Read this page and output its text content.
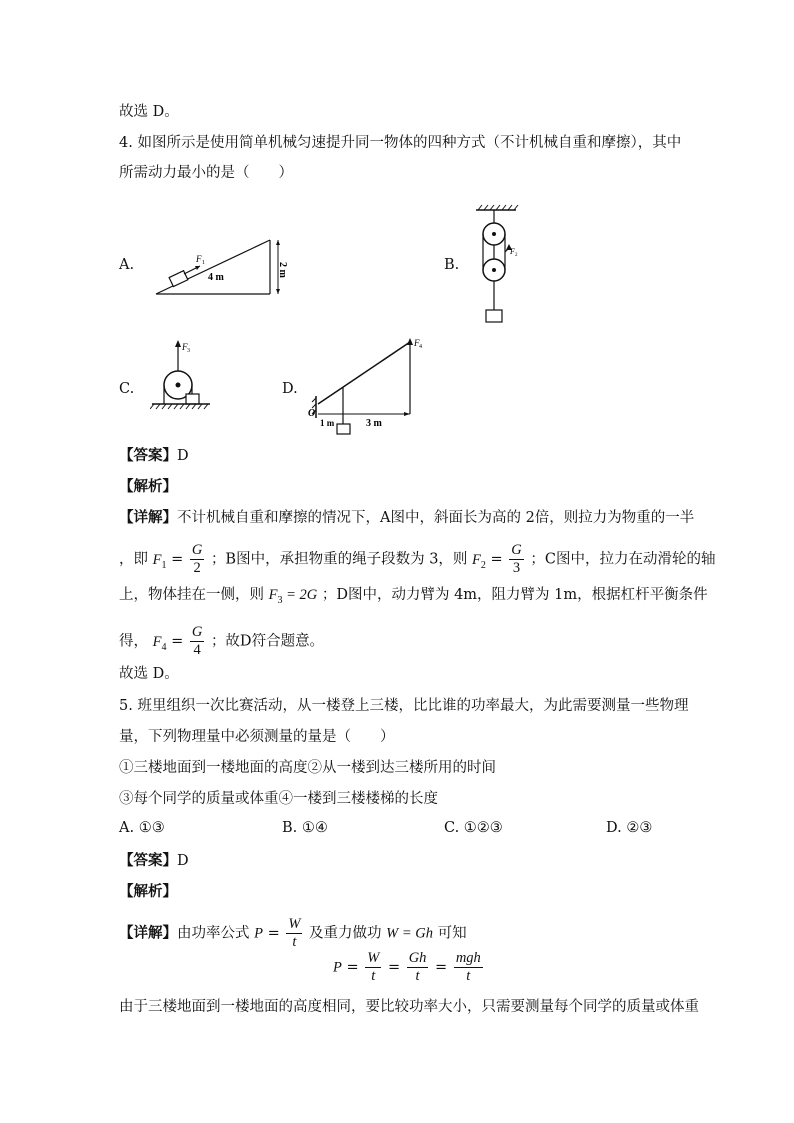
故选 D。
4. 如图所示是使用简单机械匀速提升同一物体的四种方式（不计机械自重和摩擦），其中
所需动力最小的是（　　）
A.	F 1
4 m	2 m	B.
F 2
C.
F 3
D.
F 4
O
1 m	3 m
【答案】D
【解析】
【详解】不计机械自重和摩擦的情况下，A图中，斜面长为高的 2倍，则拉力为物重的一半
，即 $F_1 = \frac{G}{2}$ ；B图中，承担物重的绳子段数为 3，则 $F_2 = \frac{G}{3}$ ；C图中，拉力在动滑轮的轴
上，物体挂在一侧，则 $F_3 = 2G$ ；D图中，动力臂为 4m，阻力臂为 1m，根据杠杆平衡条件
得， $F_4 = \frac{G}{4}$ ；故D符合题意。
故选 D。
5. 班里组织一次比赛活动，从一楼登上三楼，比比谁的功率最大，为此需要测量一些物理
量，下列物理量中必须测量的量是（　　）
①三楼地面到一楼地面的高度②从一楼到达三楼所用的时间
③每个同学的质量或体重④一楼到三楼楼梯的长度
A. ①③	B. ①④	C. ①②③	D. ②③
【答案】D
【解析】
【详解】由功率公式 $P = \frac{W}{t}$ 及重力做功 W = Gh 可知
$P = \frac{W}{t} = \frac{Gh}{t} = \frac{\text{mgh}}{t}$
由于三楼地面到一楼地面的高度相同，要比较功率大小，只需要测量每个同学的质量或体重
